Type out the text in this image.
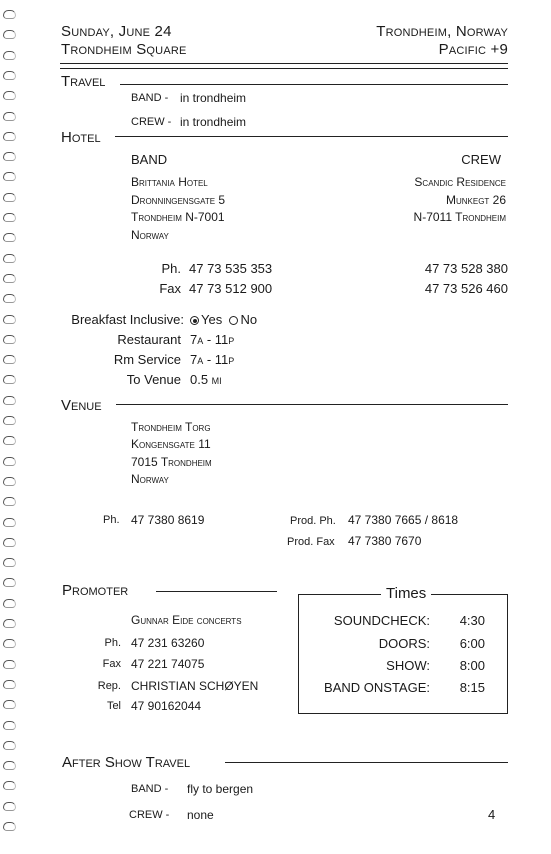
Sunday, June 24
Trondheim Square
Trondheim, Norway
Pacific +9
Travel
BAND - in trondheim
CREW - in trondheim
Hotel
BAND	CREW
Brittania Hotel
Dronningensgate 5
Trondheim N-7001
Norway
Scandic Residence
Munkegt 26
N-7011 Trondheim
Ph. 47 73 535 353	47 73 528 380
Fax 47 73 512 900	47 73 526 460
Breakfast Inclusive:	Yes No
Restaurant 7a - 11p
Rm Service 7a - 11p
To Venue 0.5 mi
Venue
Trondheim Torg
Kongensgate 11
7015 Trondheim
Norway
Ph. 47 7380 8619	Prod. Ph. 47 7380 7665 / 8618
Prod. Fax 47 7380 7670
Promoter
Gunnar Eide concerts
Ph. 47 231 63260
Fax 47 221 74075
Rep. CHRISTIAN SCHØYEN
Tel 47 90162044
Times
SOUNDCHECK: 4:30
DOORS: 6:00
SHOW: 8:00
BAND ONSTAGE: 8:15
After Show Travel
BAND - fly to bergen
CREW - none	4
